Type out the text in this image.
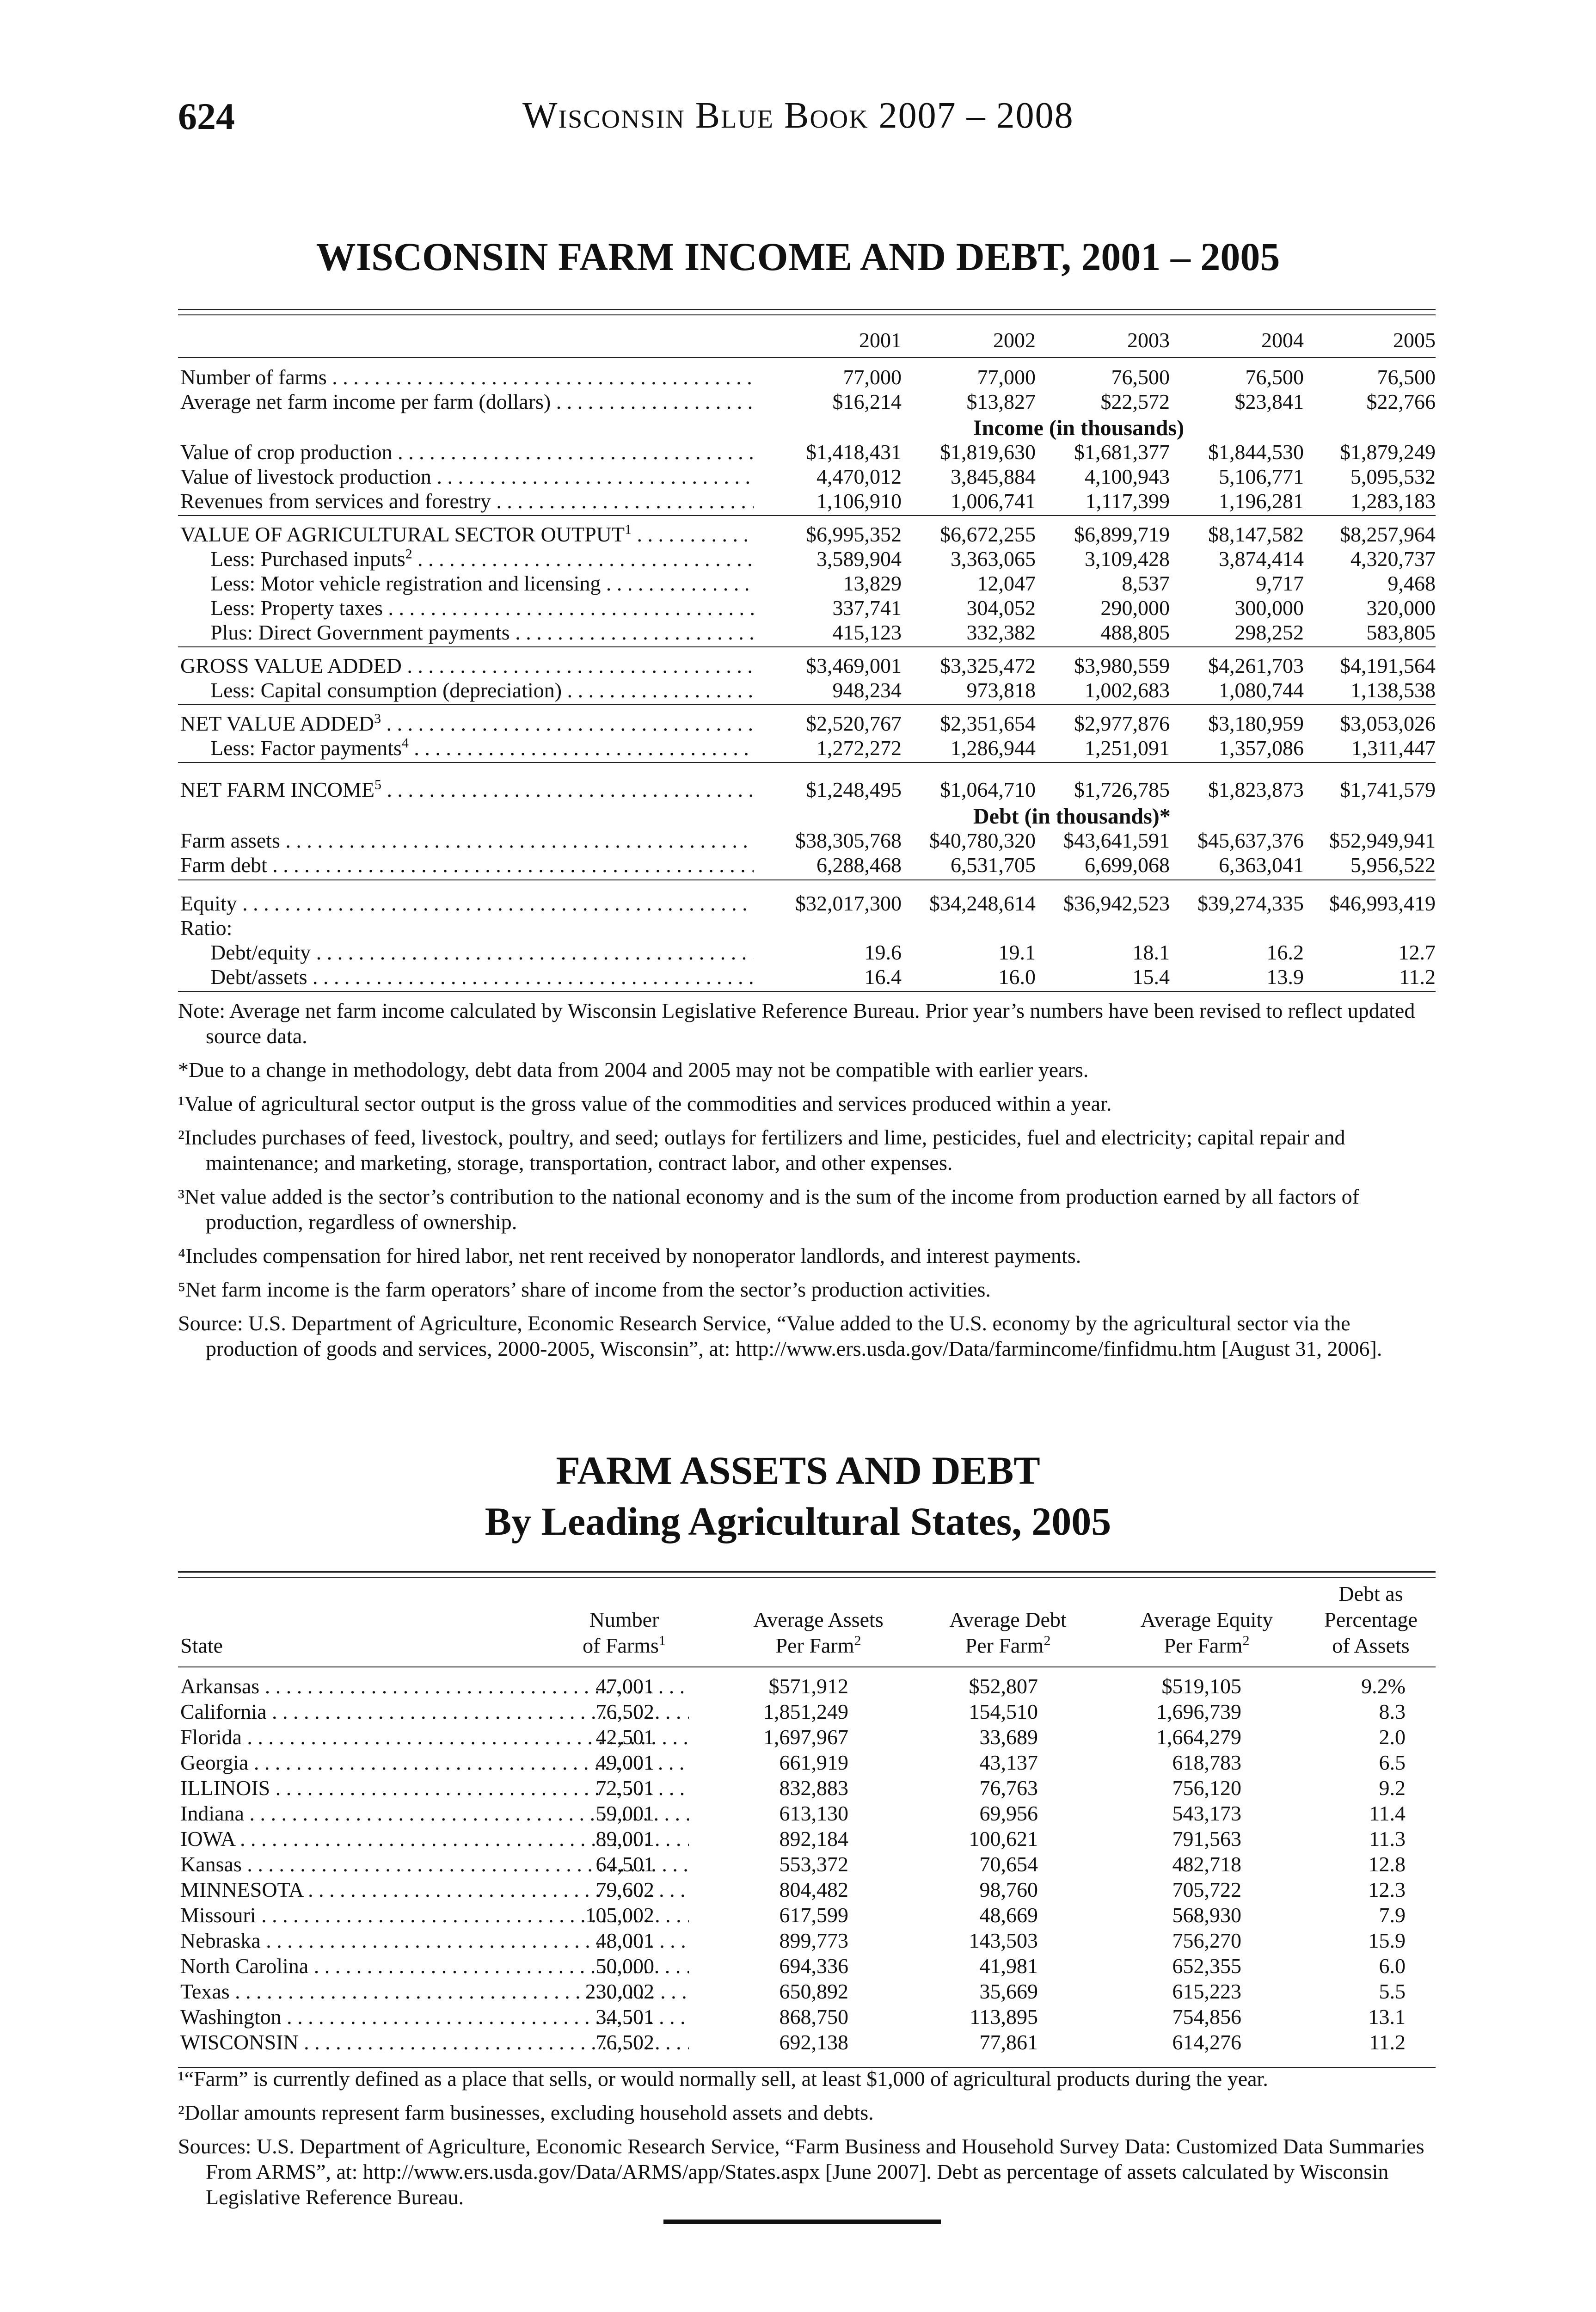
624	Wisconsin Blue Book 2007 – 2008
WISCONSIN FARM INCOME AND DEBT, 2001 – 2005
2001	2002	2003	2004	2005
Number of farms . . .	77,000	77,000	76,500	76,500	76,500
Average net farm income per farm (dollars) . . .	$16,214	$13,827	$22,572	$23,841	$22,766
Income (in thousands)
Value of crop production . . .	$1,418,431	$1,819,630	$1,681,377	$1,844,530	$1,879,249
Value of livestock production . . .	4,470,012	3,845,884	4,100,943	5,106,771	5,095,532
Revenues from services and forestry . . .	1,106,910	1,006,741	1,117,399	1,196,281	1,283,183
VALUE OF AGRICULTURAL SECTOR OUTPUT$^1$ . . .	$6,995,352	$6,672,255	$6,899,719	$8,147,582	$8,257,964
Less: Purchased inputs$^2$ . . .	3,589,904	3,363,065	3,109,428	3,874,414	4,320,737
Less: Motor vehicle registration and licensing . . .	13,829	12,047	8,537	9,717	9,468
Less: Property taxes . . .	337,741	304,052	290,000	300,000	320,000
Plus: Direct Government payments . . .	415,123	332,382	488,805	298,252	583,805
GROSS VALUE ADDED . . .	$3,469,001	$3,325,472	$3,980,559	$4,261,703	$4,191,564
Less: Capital consumption (depreciation) . . .	948,234	973,818	1,002,683	1,080,744	1,138,538
NET VALUE ADDED$^3$ . . .	$2,520,767	$2,351,654	$2,977,876	$3,180,959	$3,053,026
Less: Factor payments$^4$ . . .	1,272,272	1,286,944	1,251,091	1,357,086	1,311,447
NET FARM INCOME$^5$ . . .	$1,248,495	$1,064,710	$1,726,785	$1,823,873	$1,741,579
Debt (in thousands)*
Farm assets . . .	$38,305,768	$40,780,320	$43,641,591	$45,637,376	$52,949,941
Farm debt . . .	6,288,468	6,531,705	6,699,068	6,363,041	5,956,522
Equity . . .	$32,017,300	$34,248,614	$36,942,523	$39,274,335	$46,993,419
Ratio:
Debt/equity . . .	19.6	19.1	18.1	16.2	12.7
Debt/assets . . .	16.4	16.0	15.4	13.9	11.2

Note: Average net farm income calculated by Wisconsin Legislative Reference Bureau. Prior year’s numbers have been revised to reflect updated source data.

*Due to a change in methodology, debt data from 2004 and 2005 may not be compatible with earlier years.

¹Value of agricultural sector output is the gross value of the commodities and services produced within a year.

²Includes purchases of feed, livestock, poultry, and seed; outlays for fertilizers and lime, pesticides, fuel and electricity; capital repair and maintenance; and marketing, storage, transportation, contract labor, and other expenses.

³Net value added is the sector’s contribution to the national economy and is the sum of the income from production earned by all factors of production, regardless of ownership.

⁴Includes compensation for hired labor, net rent received by nonoperator landlords, and interest payments.

⁵Net farm income is the farm operators’ share of income from the sector’s production activities.

Source: U.S. Department of Agriculture, Economic Research Service, “Value added to the U.S. economy by the agricultural sector via the production of goods and services, 2000-2005, Wisconsin”, at: http://www.ers.usda.gov/Data/farmincome/finfidmu.htm [August 31, 2006].

FARM ASSETS AND DEBT
By Leading Agricultural States, 2005
Debt as
Number	Average Assets	Average Debt	Average Equity	Percentage
State	of Farms$^1$	Per Farm$^2$	Per Farm$^2$	Per Farm$^2$	of Assets
Arkansas . . .	47,001	$571,912	$52,807	$519,105	9.2%
California . . .	76,502	1,851,249	154,510	1,696,739	8.3
Florida . . .	42,501	1,697,967	33,689	1,664,279	2.0
Georgia . . .	49,001	661,919	43,137	618,783	6.5
ILLINOIS . . .	72,501	832,883	76,763	756,120	9.2
Indiana . . .	59,001	613,130	69,956	543,173	11.4
IOWA . . .	89,001	892,184	100,621	791,563	11.3
Kansas . . .	64,501	553,372	70,654	482,718	12.8
MINNESOTA . . .	79,602	804,482	98,760	705,722	12.3
Missouri . . .	105,002	617,599	48,669	568,930	7.9
Nebraska . . .	48,001	899,773	143,503	756,270	15.9
North Carolina . . .	50,000	694,336	41,981	652,355	6.0
Texas . . .	230,002	650,892	35,669	615,223	5.5
Washington . . .	34,501	868,750	113,895	754,856	13.1
WISCONSIN . . .	76,502	692,138	77,861	614,276	11.2

¹“Farm” is currently defined as a place that sells, or would normally sell, at least $1,000 of agricultural products during the year.

²Dollar amounts represent farm businesses, excluding household assets and debts.

Sources: U.S. Department of Agriculture, Economic Research Service, “Farm Business and Household Survey Data: Customized Data Summaries From ARMS”, at: http://www.ers.usda.gov/Data/ARMS/app/States.aspx [June 2007]. Debt as percentage of assets calculated by Wisconsin Legislative Reference Bureau.
